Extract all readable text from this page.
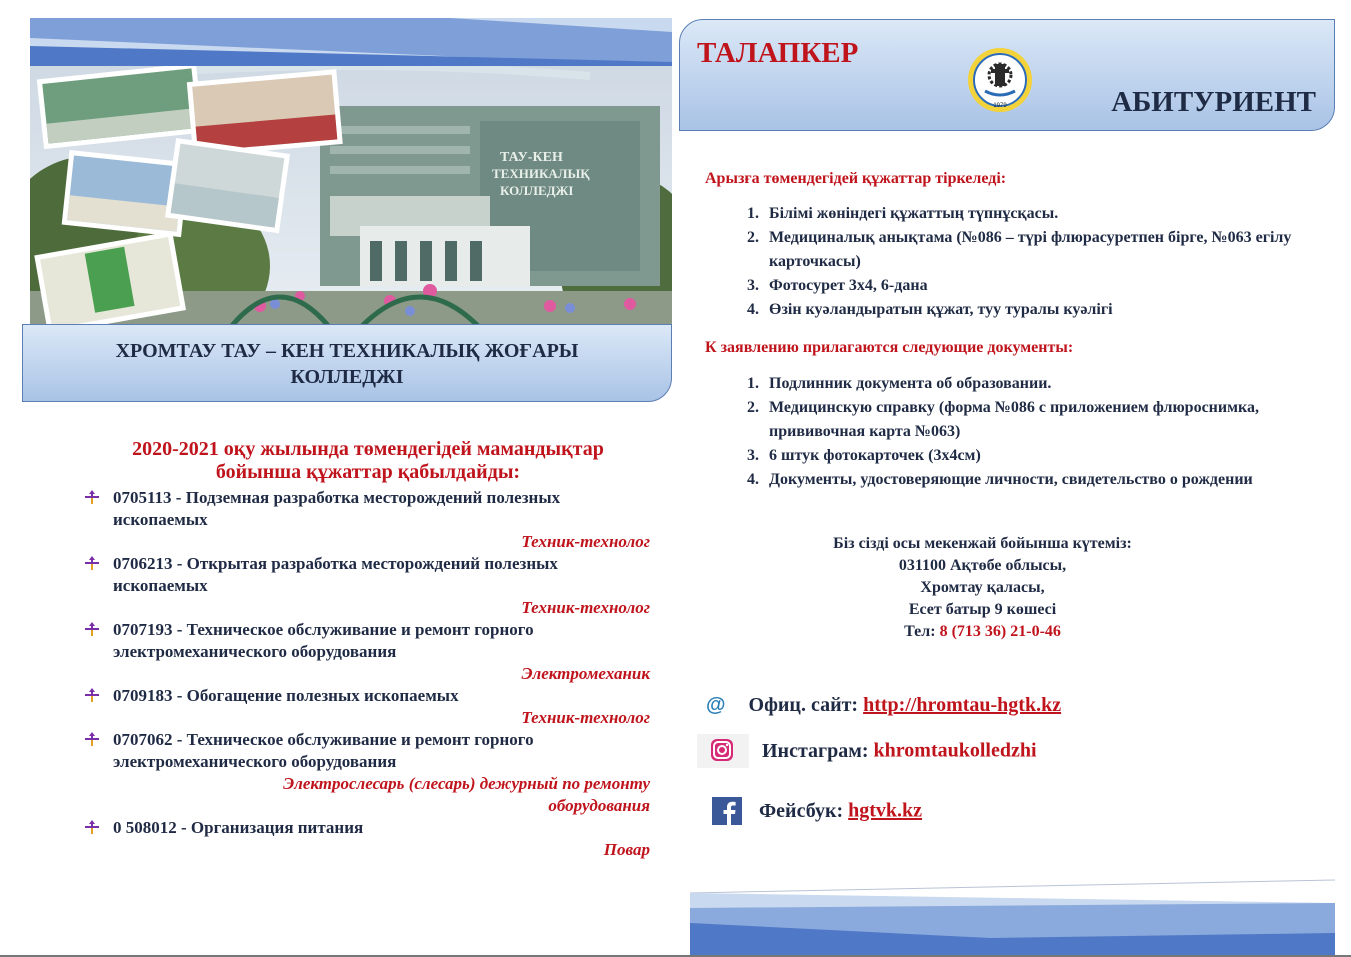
ТАУ-КЕН
ТЕХНИКАЛЫҚ
КОЛЛЕДЖІ
ХРОМТАУ ТАУ – КЕН ТЕХНИКАЛЫҚ ЖОҒАРЫ
КОЛЛЕДЖІ
2020-2021 оқу жылында төмендегідей мамандықтар
бойынша құжаттар қабылдайды:
0705113 - Подземная разработка месторождений полезных ископаемых
Техник-технолог
0706213 - Открытая разработка месторождений полезных ископаемых
Техник-технолог
0707193 - Техническое обслуживание и ремонт горного электромеханического оборудования
Электромеханик
0709183 - Обогащение полезных ископаемых
Техник-технолог
0707062 - Техническое обслуживание и ремонт горного электромеханического оборудования
Электрослесарь (слесарь) дежурный по ремонту оборудования
0 508012 - Организация питания
Повар
ТАЛАПКЕР
АБИТУРИЕНТ
1979
Арызға төмендегідей құжаттар тіркеледі:
1. Білімі жөніндегі құжаттың түпнұсқасы.
2. Медициналық анықтама (№086 – түрі флюрасуретпен бірге, №063 егілу карточкасы)
3. Фотосурет 3х4, 6-дана
4. Өзін куәландыратын құжат, туу туралы куәлігі
К заявлению прилагаются следующие документы:
1. Подлинник документа об образовании.
2. Медицинскую справку (форма №086 с приложением флюроснимка, прививочная карта №063)
3. 6 штук фотокарточек (3х4см)
4. Документы, удостоверяющие личности, свидетельство о рождении
Біз сізді осы мекенжай бойынша күтеміз:
031100 Ақтөбе облысы,
Хромтау қаласы,
Есет батыр 9 көшесі
Тел: 8 (713 36) 21-0-46
@ Офиц. сайт: http://hromtau-hgtk.kz
Инстаграм: khromtaukolledzhi
Фейсбук: hgtvk.kz
